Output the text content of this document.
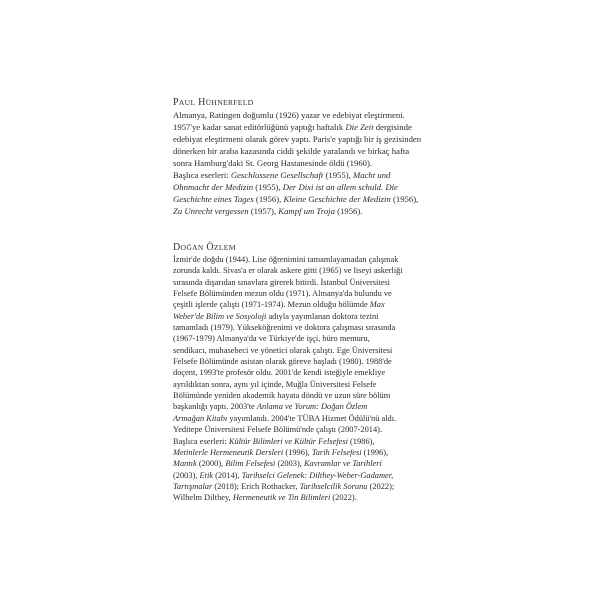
PAUL HÜHNERFELD
Almanya, Ratingen doğumlu (1926) yazar ve edebiyat eleştirmeni.
1957'ye kadar sanat editörlüğünü yaptığı haftalık Die Zeit dergisinde
edebiyat eleştirmeni olarak görev yaptı. Paris'e yaptığı bir iş gezisinden
dönerken bir araba kazasında ciddi şekilde yaralandı ve birkaç hafta
sonra Hamburg'daki St. Georg Hastanesinde öldü (1960).
Başlıca eserleri: Geschlossene Gesellschaft (1955), Macht und
Ohnmacht der Medizin (1955), Der Dixi ist an allem schuld. Die
Geschichte eines Tages (1956), Kleine Geschichte der Medizin (1956),
Zu Unrecht vergessen (1957), Kampf um Troja (1956).
DOĞAN ÖZLEM
İzmir'de doğdu (1944). Lise öğrenimini tamamlayamadan çalışmak
zorunda kaldı. Sivas'a er olarak askere gitti (1965) ve liseyi askerliği
sırasında dışarıdan sınavlara girerek bitirdi. İstanbul Üniversitesi
Felsefe Bölümünden mezun oldu (1971). Almanya'da bulundu ve
çeşitli işlerde çalıştı (1971-1974). Mezun olduğu bölümde Max
Weber'de Bilim ve Sosyoloji adıyla yayımlanan doktora tezini
tamamladı (1979). Yükseköğrenimi ve doktora çalışması sırasında
(1967-1979) Almanya'da ve Türkiye'de işçi, büro memuru,
sendikacı, muhasebeci ve yönetici olarak çalıştı. Ege Üniversitesi
Felsefe Bölümünde asistan olarak göreve başladı (1980). 1988'de
doçent, 1993'te profesör oldu. 2001'de kendi isteğiyle emekliye
ayrıldıktan sonra, aynı yıl içinde, Muğla Üniversitesi Felsefe
Bölümünde yeniden akademik hayata döndü ve uzun süre bölüm
başkanlığı yaptı. 2003'te Anlama ve Yorum: Doğan Özlem
Armağan Kitabı yayımlandı. 2004'te TÜBA Hizmet Ödülü'nü aldı.
Yeditepe Üniversitesi Felsefe Bölümü'nde çalıştı (2007-2014).
Başlıca eserleri: Kültür Bilimleri ve Kültür Felsefesi (1986),
Metinlerle Hermeneutik Dersleri (1996), Tarih Felsefesi (1996),
Mantık (2000), Bilim Felsefesi (2003), Kavramlar ve Tarihleri
(2003), Etik (2014), Tarihselci Gelenek: Dilthey-Weber-Gadamer,
Tartışmalar (2018); Erich Rothacker, Tarihselcilik Sorunu (2022);
Wilhelm Dilthey, Hermeneutik ve Tin Bilimleri (2022).
